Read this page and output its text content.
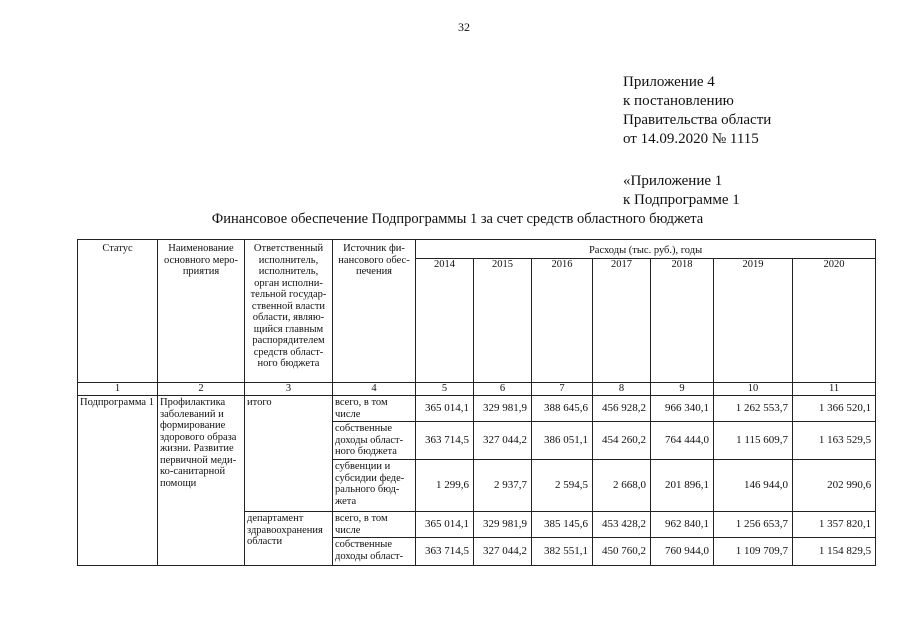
32
Приложение 4
к постановлению
Правительства области
от 14.09.2020 № 1115
«Приложение 1
к Подпрограмме 1
Финансовое обеспечение Подпрограммы 1 за счет средств областного бюджета
Статус	Наименование основного меро-приятия	Ответственный исполнитель, исполнитель, орган исполни-тельной государ-ственной власти области, являю-щийся главным распорядителем средств област-ного бюджета	Источник фи-нансового обес-печения	Расходы (тыс. руб.), годы						
				2014	2015	2016	2017	2018	2019	2020
1	2	3	4	5	6	7	8	9	10	11
Подпрограмма 1	Профилактика заболеваний и формирование здорового образа жизни. Развитие первичной меди-ко-санитарной помощи	итого	всего, в том числе	365 014,1	329 981,9	388 645,6	456 928,2	966 340,1	1 262 553,7	1 366 520,1
			собственные доходы област-ного бюджета	363 714,5	327 044,2	386 051,1	454 260,2	764 444,0	1 115 609,7	1 163 529,5
			субвенции и субсидии феде-рального бюд-жета	1 299,6	2 937,7	2 594,5	2 668,0	201 896,1	146 944,0	202 990,6
		департамент здравоохранения области	всего, в том числе	365 014,1	329 981,9	385 145,6	453 428,2	962 840,1	1 256 653,7	1 357 820,1
			собственные доходы област-	363 714,5	327 044,2	382 551,1	450 760,2	760 944,0	1 109 709,7	1 154 829,5
